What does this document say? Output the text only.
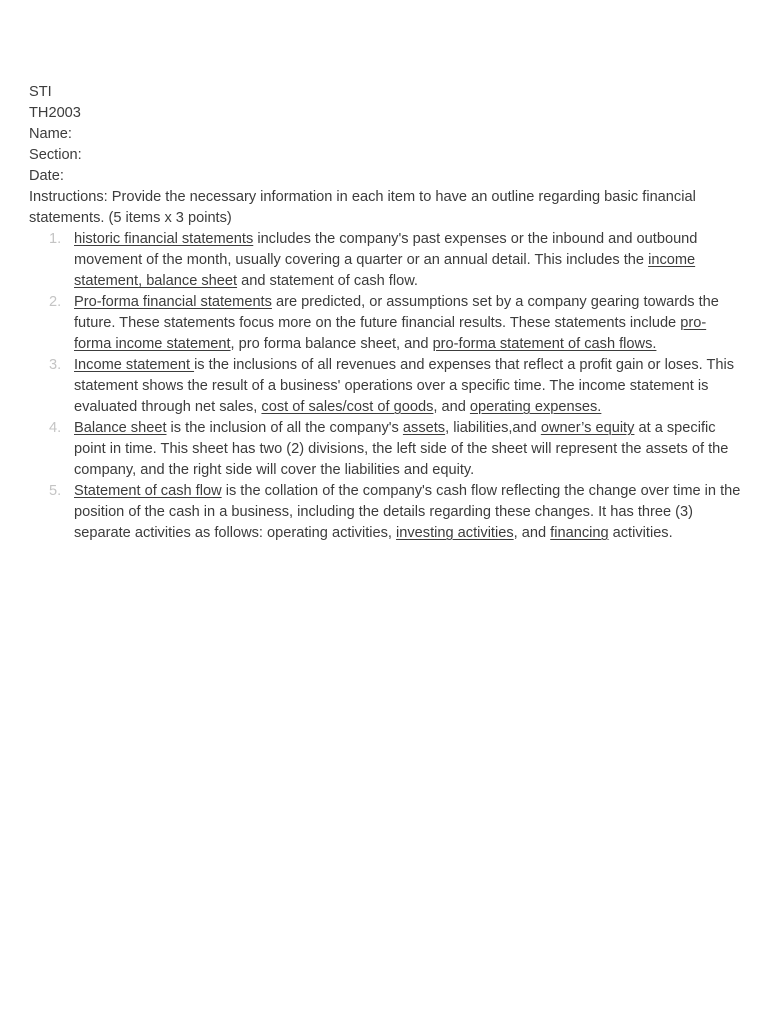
STI
TH2003
Name:
Section:
Date:
Instructions: Provide the necessary information in each item to have an outline regarding basic financial statements. (5 items x 3 points)
1. historic financial statements includes the company's past expenses or the inbound and outbound movement of the month, usually covering a quarter or an annual detail. This includes the income statement, balance sheet and statement of cash flow.
2. Pro-forma financial statements are predicted, or assumptions set by a company gearing towards the future. These statements focus more on the future financial results. These statements include pro-forma income statement, pro forma balance sheet, and pro-forma statement of cash flows.
3. Income statement is the inclusions of all revenues and expenses that reflect a profit gain or loses. This statement shows the result of a business' operations over a specific time. The income statement is evaluated through net sales, cost of sales/cost of goods, and operating expenses.
4. Balance sheet is the inclusion of all the company's assets, liabilities,and owner’s equity at a specific point in time. This sheet has two (2) divisions, the left side of the sheet will represent the assets of the company, and the right side will cover the liabilities and equity.
5. Statement of cash flow is the collation of the company's cash flow reflecting the change over time in the position of the cash in a business, including the details regarding these changes. It has three (3) separate activities as follows: operating activities, investing activities, and financing activities.
